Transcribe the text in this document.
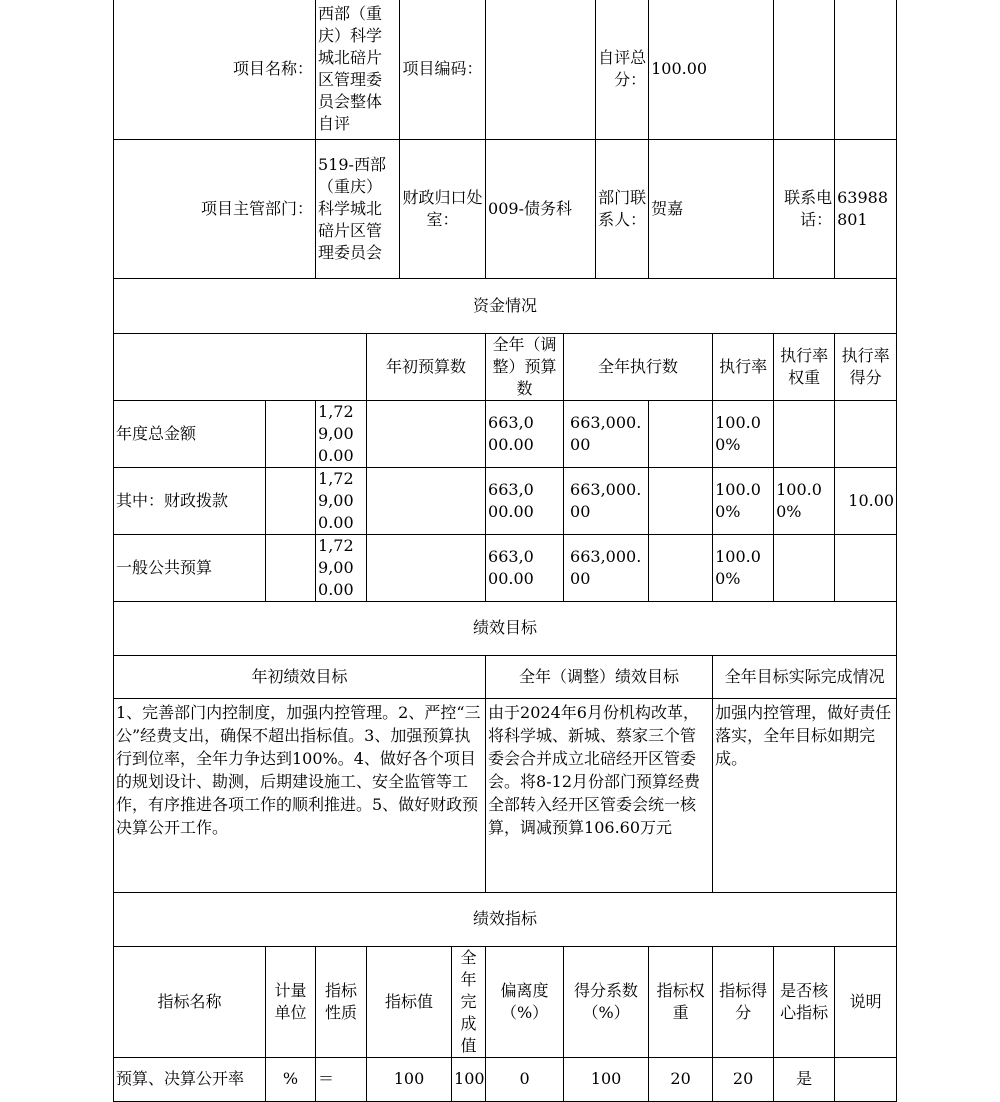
项目名称：		西部（重庆）科学城北碚片区管理委员会整体自评		项目编码：				自评总分：	100.00			
项目主管部门：		519-西部（重庆）科学城北碚片区管理委员会		财政归口处室：		009-债务科		部门联系人：	贺嘉		联系电话：	63988801
资金情况												
			年初预算数			全年（调整）预算数	全年执行数			执行率	执行率权重	执行率得分
年度总金额		1,729,000.00				663,000.00	663,000.00			100.00%		
其中：财政拨款		1,729,000.00				663,000.00	663,000.00			100.00%	100.00%	10.00
一般公共预算		1,729,000.00				663,000.00	663,000.00			100.00%		
绩效目标												
年初绩效目标						全年（调整）绩效目标				全年目标实际完成情况		
1、完善部门内控制度，加强内控管理。2、严控“三公”经费支出，确保不超出指标值。3、加强预算执行到位率，全年力争达到100%。4、做好各个项目的规划设计、勘测，后期建设施工、安全监管等工作，有序推进各项工作的顺利推进。5、做好财政预决算公开工作。						由于2024年6月份机构改革，将科学城、新城、蔡家三个管委会合并成立北碚经开区管委会。将8-12月份部门预算经费全部转入经开区管委会统一核算，调减预算106.60万元				加强内控管理，做好责任落实，全年目标如期完成。		
绩效指标												
指标名称	计量单位	指标性质	指标值		全年完成值	偏离度（%）	得分系数（%）		指标权重	指标得分	是否核心指标	说明
预算、决算公开率	%	＝	100		100	0	100		20	20	是	
